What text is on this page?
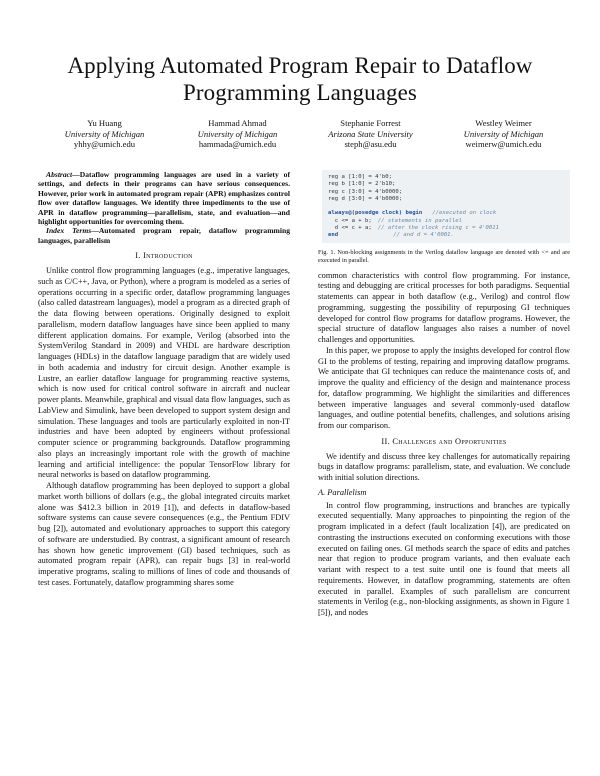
Applying Automated Program Repair to Dataflow Programming Languages
Yu Huang
University of Michigan
yhhy@umich.edu
Hammad Ahmad
University of Michigan
hammada@umich.edu
Stephanie Forrest
Arizona State University
steph@asu.edu
Westley Weimer
University of Michigan
weimerw@umich.edu

Abstract—Dataflow programming languages are used in a variety of settings, and defects in their programs can have serious consequences. However, prior work in automated program repair (APR) emphasizes control flow over dataflow languages. We identify three impediments to the use of APR in dataflow programming—parallelism, state, and evaluation—and highlight opportunities for overcoming them.

Index Terms—Automated program repair, dataflow programming languages, parallelism

I. Introduction

Unlike control flow programming languages (e.g., imperative languages, such as C/C++, Java, or Python), where a program is modeled as a series of operations occurring in a specific order, dataflow programming languages (also called datastream languages), model a program as a directed graph of the data flowing between operations. Originally designed to exploit parallelism, modern dataflow languages have since been applied to many different application domains. For example, Verilog (absorbed into the SystemVerilog Standard in 2009) and VHDL are hardware description languages (HDLs) in the dataflow language paradigm that are widely used in both academia and industry for circuit design. Another example is Lustre, an earlier dataflow language for programming reactive systems, which is now used for critical control software in aircraft and nuclear power plants. Meanwhile, graphical and visual data flow languages, such as LabView and Simulink, have been developed to support system design and simulation. These languages and tools are particularly exploited in non-IT industries and have been adopted by engineers without professional computer science or programming backgrounds. Dataflow programming also plays an increasingly important role with the growth of machine learning and artificial intelligence: the popular TensorFlow library for neural networks is based on dataflow programming.

Although dataflow programming has been deployed to support a global market worth billions of dollars (e.g., the global integrated circuits market alone was $412.3 billion in 2019 [1]), and defects in dataflow-based software systems can cause severe consequences (e.g., the Pentium FDIV bug [2]), automated and evolutionary approaches to support this category of software are understudied. By contrast, a significant amount of research has shown how genetic improvement (GI) based techniques, such as automated program repair (APR), can repair bugs [3] in real-world imperative programs, scaling to millions of lines of code and thousands of test cases. Fortunately, dataflow programming shares some

reg a [1:0] = 4'b0;
reg b [1:0] = 2'b10;
reg c [3:0] = 4'b0000;
reg d [3:0] = 4'b0000;
always@(posedge clock) begin //executed on clock
c <= a + b; // statements in parallel
d <= c + a; // after the clock rising c = 4'0011
end	// and d = 4'0001.
Fig. 1. Non-blocking assignments in the Verilog dataflow language are denoted with <= and are executed in parallel.

common characteristics with control flow programming. For instance, testing and debugging are critical processes for both paradigms. Sequential statements can appear in both dataflow (e.g., Verilog) and control flow programming, suggesting the possibility of repurposing GI techniques developed for control flow programs for dataflow programs. However, the special structure of dataflow languages also raises a number of novel challenges and opportunities.

In this paper, we propose to apply the insights developed for control flow GI to the problems of testing, repairing and improving dataflow programs. We anticipate that GI techniques can reduce the maintenance costs of, and improve the quality and efficiency of the design and maintenance process for, dataflow programming. We highlight the similarities and differences between imperative languages and several commonly-used dataflow languages, and outline potential benefits, challenges, and solutions arising from our comparison.

II. Challenges and Opportunities

We identify and discuss three key challenges for automatically repairing bugs in dataflow programs: parallelism, state, and evaluation. We conclude with initial solution directions.

A. Parallelism

In control flow programming, instructions and branches are typically executed sequentially. Many approaches to pinpointing the region of the program implicated in a defect (fault localization [4]), are predicated on contrasting the instructions executed on conforming executions with those executed on failing ones. GI methods search the space of edits and patches near that region to produce program variants, and then evaluate each variant with respect to a test suite until one is found that meets all requirements. However, in dataflow programming, statements are often executed in parallel. Examples of such parallelism are concurrent statements in Verilog (e.g., non-blocking assignments, as shown in Figure 1 [5]), and nodes
